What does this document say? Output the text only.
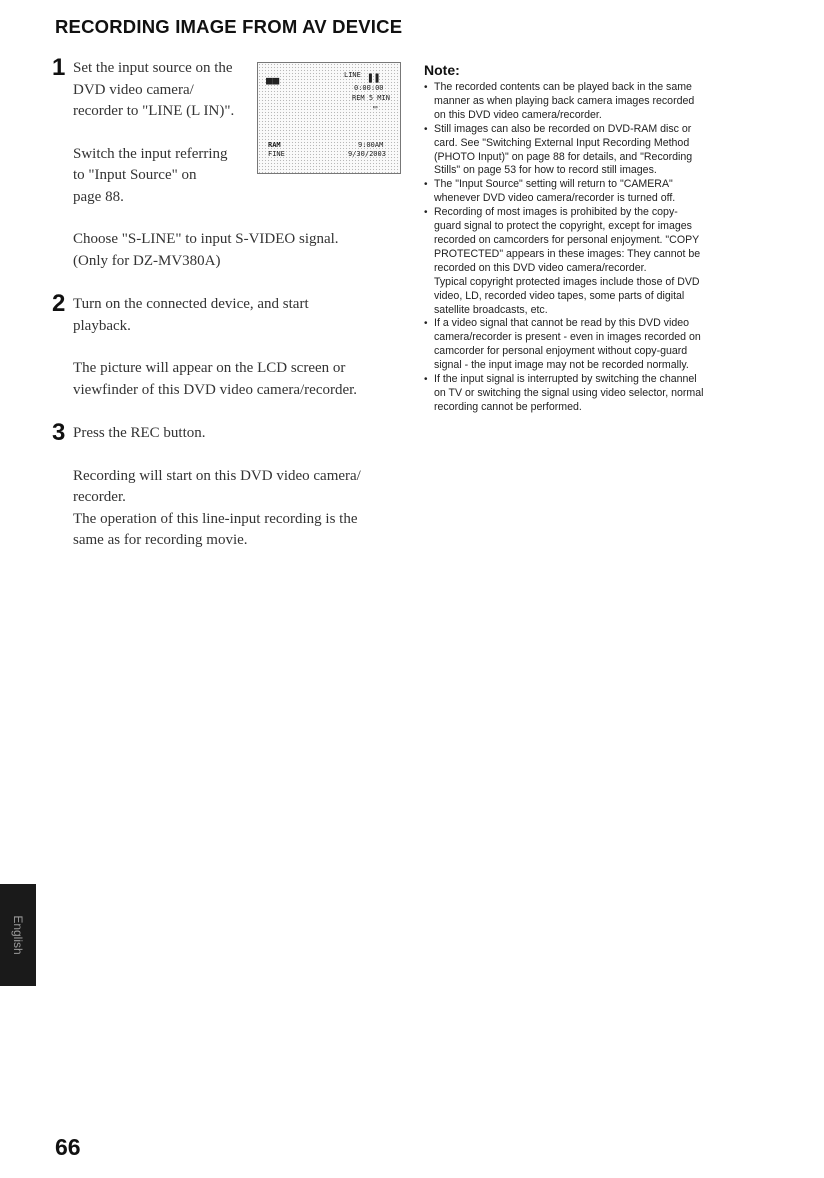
RECORDING IMAGE FROM AV DEVICE
1 Set the input source on the
DVD video camera/
recorder to "LINE (L IN)".

Switch the input referring
to "Input Source" on
page 88.

Choose "S-LINE" to input S-VIDEO signal.
(Only for DZ-MV380A)

2 Turn on the connected device, and start
playback.

The picture will appear on the LCD screen or
viewfinder of this DVD video camera/recorder.

3 Press the REC button.

Recording will start on this DVD video camera/
recorder.

The operation of this line-input recording is the
same as for recording movie.

■■	LINE ❚❚
0:00:00
REM 5 MIN
▭
RAM
FINE
9:00AM
9/30/2003
Note:
• The recorded contents can be played back in the same
manner as when playing back camera images recorded
on this DVD video camera/recorder.
• Still images can also be recorded on DVD-RAM disc or
card. See "Switching External Input Recording Method
(PHOTO Input)" on page 88 for details, and "Recording
Stills" on page 53 for how to record still images.
• The "Input Source" setting will return to "CAMERA"
whenever DVD video camera/recorder is turned off.
• Recording of most images is prohibited by the copy-
guard signal to protect the copyright, except for images
recorded on camcorders for personal enjoyment. "COPY
PROTECTED" appears in these images: They cannot be
recorded on this DVD video camera/recorder.
Typical copyright protected images include those of DVD
video, LD, recorded video tapes, some parts of digital
satellite broadcasts, etc.
• If a video signal that cannot be read by this DVD video
camera/recorder is present - even in images recorded on
camcorder for personal enjoyment without copy-guard
signal - the input image may not be recorded normally.
• If the input signal is interrupted by switching the channel
on TV or switching the signal using video selector, normal
recording cannot be performed.
English
66
